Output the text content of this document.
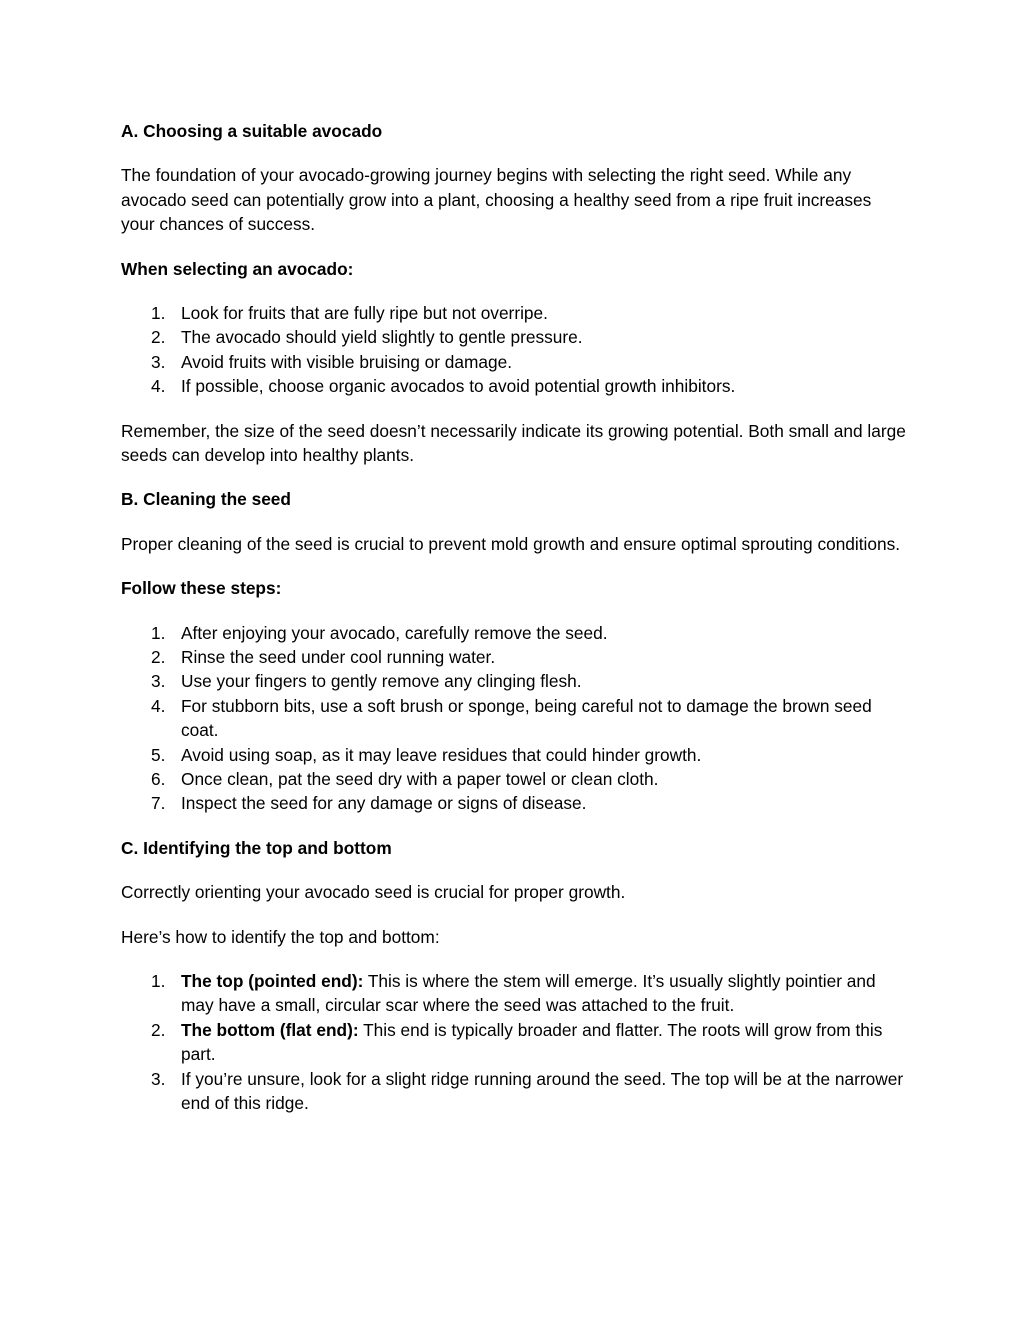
A. Choosing a suitable avocado

The foundation of your avocado-growing journey begins with selecting the right seed. While any avocado seed can potentially grow into a plant, choosing a healthy seed from a ripe fruit increases your chances of success.

When selecting an avocado:
1. Look for fruits that are fully ripe but not overripe.
2. The avocado should yield slightly to gentle pressure.
3. Avoid fruits with visible bruising or damage.
4. If possible, choose organic avocados to avoid potential growth inhibitors.

Remember, the size of the seed doesn’t necessarily indicate its growing potential. Both small and large seeds can develop into healthy plants.

B. Cleaning the seed

Proper cleaning of the seed is crucial to prevent mold growth and ensure optimal sprouting conditions.

Follow these steps:
1. After enjoying your avocado, carefully remove the seed.
2. Rinse the seed under cool running water.
3. Use your fingers to gently remove any clinging flesh.
4. For stubborn bits, use a soft brush or sponge, being careful not to damage the brown seed coat.
5. Avoid using soap, as it may leave residues that could hinder growth.
6. Once clean, pat the seed dry with a paper towel or clean cloth.
7. Inspect the seed for any damage or signs of disease.
C. Identifying the top and bottom

Correctly orienting your avocado seed is crucial for proper growth.

Here’s how to identify the top and bottom:

1. The top (pointed end): This is where the stem will emerge. It’s usually slightly pointier and may have a small, circular scar where the seed was attached to the fruit.
2. The bottom (flat end): This end is typically broader and flatter. The roots will grow from this part.
3. If you’re unsure, look for a slight ridge running around the seed. The top will be at the narrower end of this ridge.
